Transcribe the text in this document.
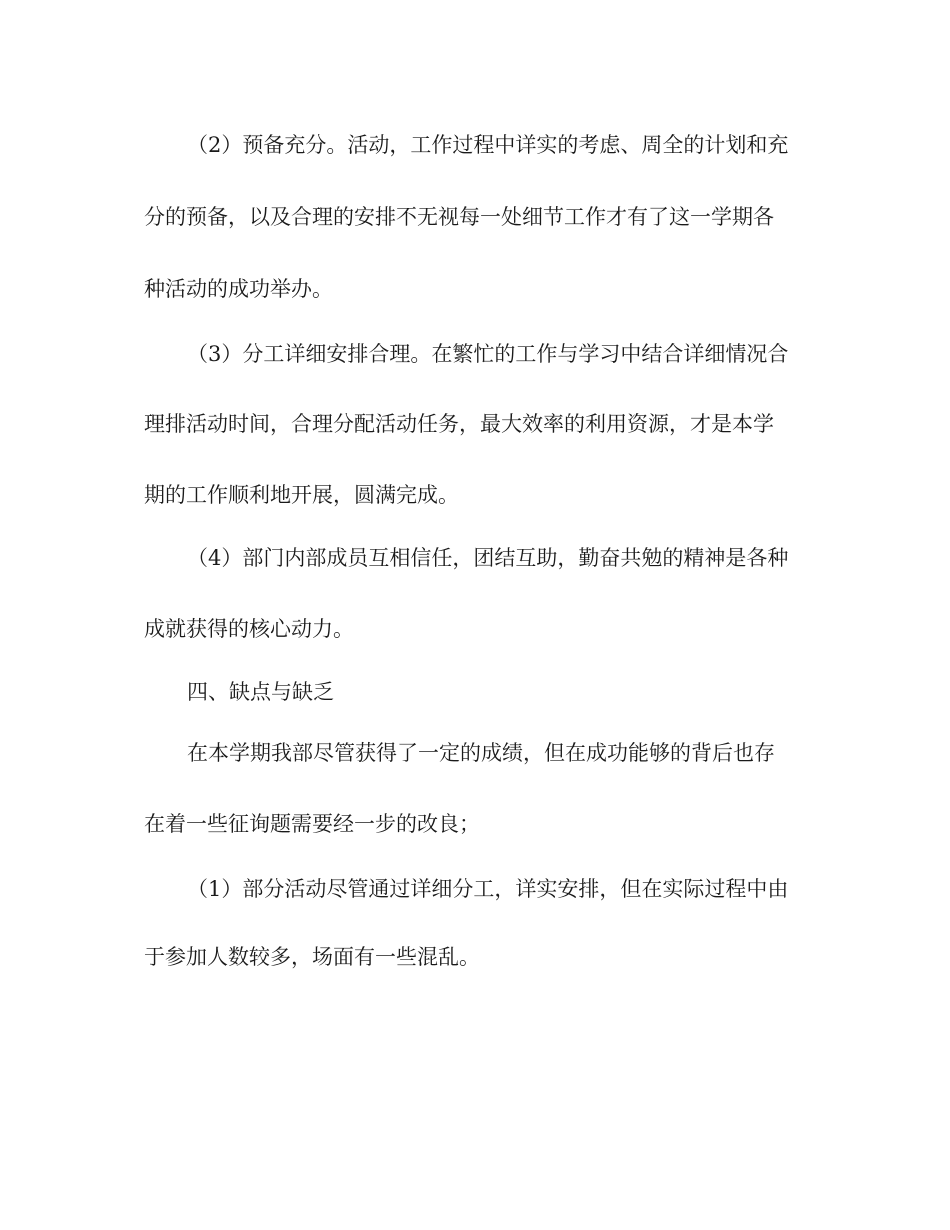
（2）预备充分。活动，工作过程中详实的考虑、周全的计划和充
分的预备，以及合理的安排不无视每一处细节工作才有了这一学期各
种活动的成功举办。
（3）分工详细安排合理。在繁忙的工作与学习中结合详细情况合
理排活动时间，合理分配活动任务，最大效率的利用资源，才是本学
期的工作顺利地开展，圆满完成。
（4）部门内部成员互相信任，团结互助，勤奋共勉的精神是各种
成就获得的核心动力。
四、缺点与缺乏
在本学期我部尽管获得了一定的成绩，但在成功能够的背后也存
在着一些征询题需要经一步的改良；
（1）部分活动尽管通过详细分工，详实安排，但在实际过程中由
于参加人数较多，场面有一些混乱。
